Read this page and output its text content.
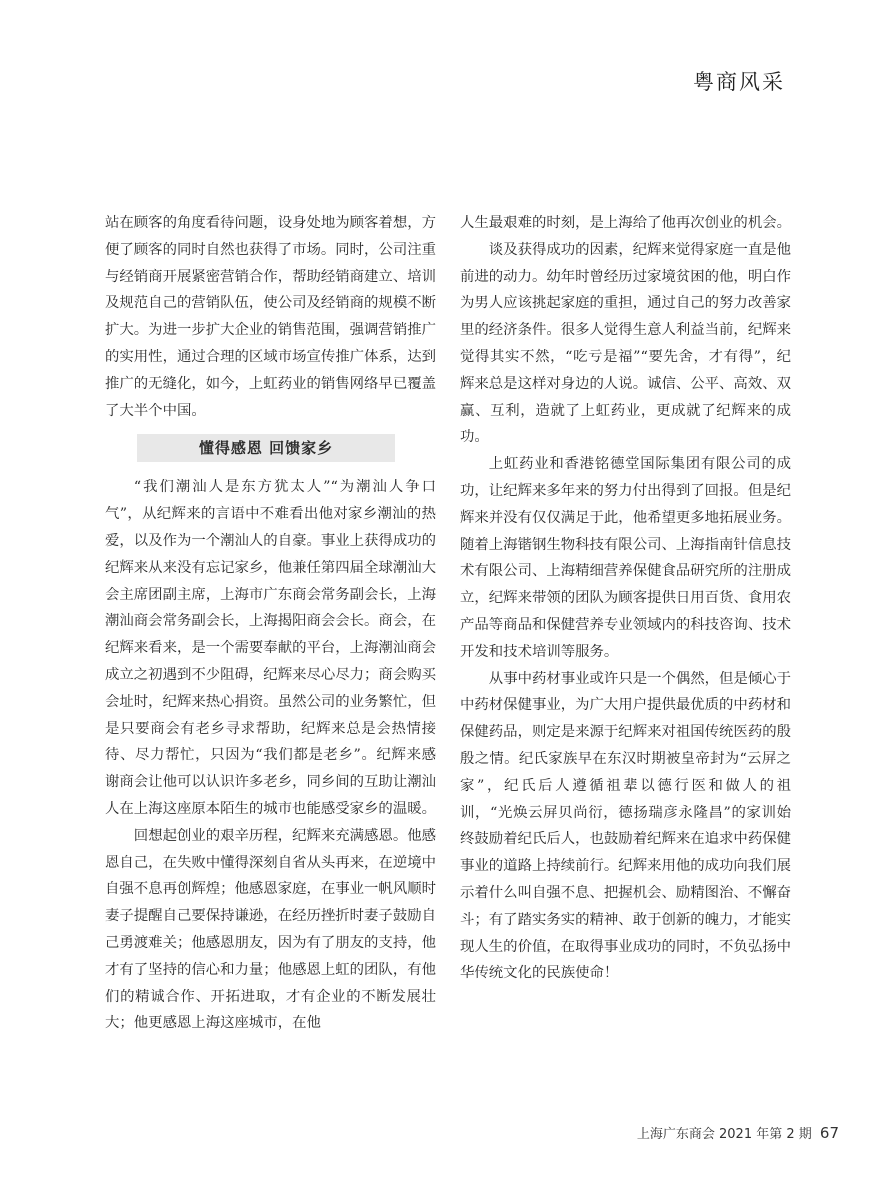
粤商风采

站在顾客的角度看待问题，设身处地为顾客着想，方便了顾客的同时自然也获得了市场。同时，公司注重与经销商开展紧密营销合作，帮助经销商建立、培训及规范自己的营销队伍，使公司及经销商的规模不断扩大。为进一步扩大企业的销售范围，强调营销推广的实用性，通过合理的区域市场宣传推广体系，达到推广的无缝化，如今，上虹药业的销售网络早已覆盖了大半个中国。

懂得感恩 回馈家乡

“我们潮汕人是东方犹太人”“为潮汕人争口气”，从纪辉来的言语中不难看出他对家乡潮汕的热爱，以及作为一个潮汕人的自豪。事业上获得成功的纪辉来从来没有忘记家乡，他兼任第四届全球潮汕大会主席团副主席，上海市广东商会常务副会长，上海潮汕商会常务副会长，上海揭阳商会会长。商会，在纪辉来看来，是一个需要奉献的平台，上海潮汕商会成立之初遇到不少阻碍，纪辉来尽心尽力；商会购买会址时，纪辉来热心捐资。虽然公司的业务繁忙，但是只要商会有老乡寻求帮助，纪辉来总是会热情接待、尽力帮忙，只因为“我们都是老乡”。纪辉来感谢商会让他可以认识许多老乡，同乡间的互助让潮汕人在上海这座原本陌生的城市也能感受家乡的温暖。

回想起创业的艰辛历程，纪辉来充满感恩。他感恩自己，在失败中懂得深刻自省从头再来，在逆境中自强不息再创辉煌；他感恩家庭，在事业一帆风顺时妻子提醒自己要保持谦逊，在经历挫折时妻子鼓励自己勇渡难关；他感恩朋友，因为有了朋友的支持，他才有了坚持的信心和力量；他感恩上虹的团队，有他们的精诚合作、开拓进取，才有企业的不断发展壮大；他更感恩上海这座城市，在他

人生最艰难的时刻，是上海给了他再次创业的机会。

谈及获得成功的因素，纪辉来觉得家庭一直是他前进的动力。幼年时曾经历过家境贫困的他，明白作为男人应该挑起家庭的重担，通过自己的努力改善家里的经济条件。很多人觉得生意人利益当前，纪辉来觉得其实不然，“吃亏是福”“要先舍，才有得”，纪辉来总是这样对身边的人说。诚信、公平、高效、双赢、互利，造就了上虹药业，更成就了纪辉来的成功。

上虹药业和香港铭德堂国际集团有限公司的成功，让纪辉来多年来的努力付出得到了回报。但是纪辉来并没有仅仅满足于此，他希望更多地拓展业务。随着上海锴钢生物科技有限公司、上海指南针信息技术有限公司、上海精细营养保健食品研究所的注册成立，纪辉来带领的团队为顾客提供日用百货、食用农产品等商品和保健营养专业领域内的科技咨询、技术开发和技术培训等服务。

从事中药材事业或许只是一个偶然，但是倾心于中药材保健事业，为广大用户提供最优质的中药材和保健药品，则定是来源于纪辉来对祖国传统医药的殷殷之情。纪氏家族早在东汉时期被皇帝封为“云屏之家”，纪氏后人遵循祖辈以德行医和做人的祖训，“光焕云屏贝尚衍，德扬瑞彦永隆昌”的家训始终鼓励着纪氏后人，也鼓励着纪辉来在追求中药保健事业的道路上持续前行。纪辉来用他的成功向我们展示着什么叫自强不息、把握机会、励精图治、不懈奋斗；有了踏实务实的精神、敢于创新的魄力，才能实现人生的价值，在取得事业成功的同时，不负弘扬中华传统文化的民族使命！

上海广东商会 2021 年第 2 期 67
